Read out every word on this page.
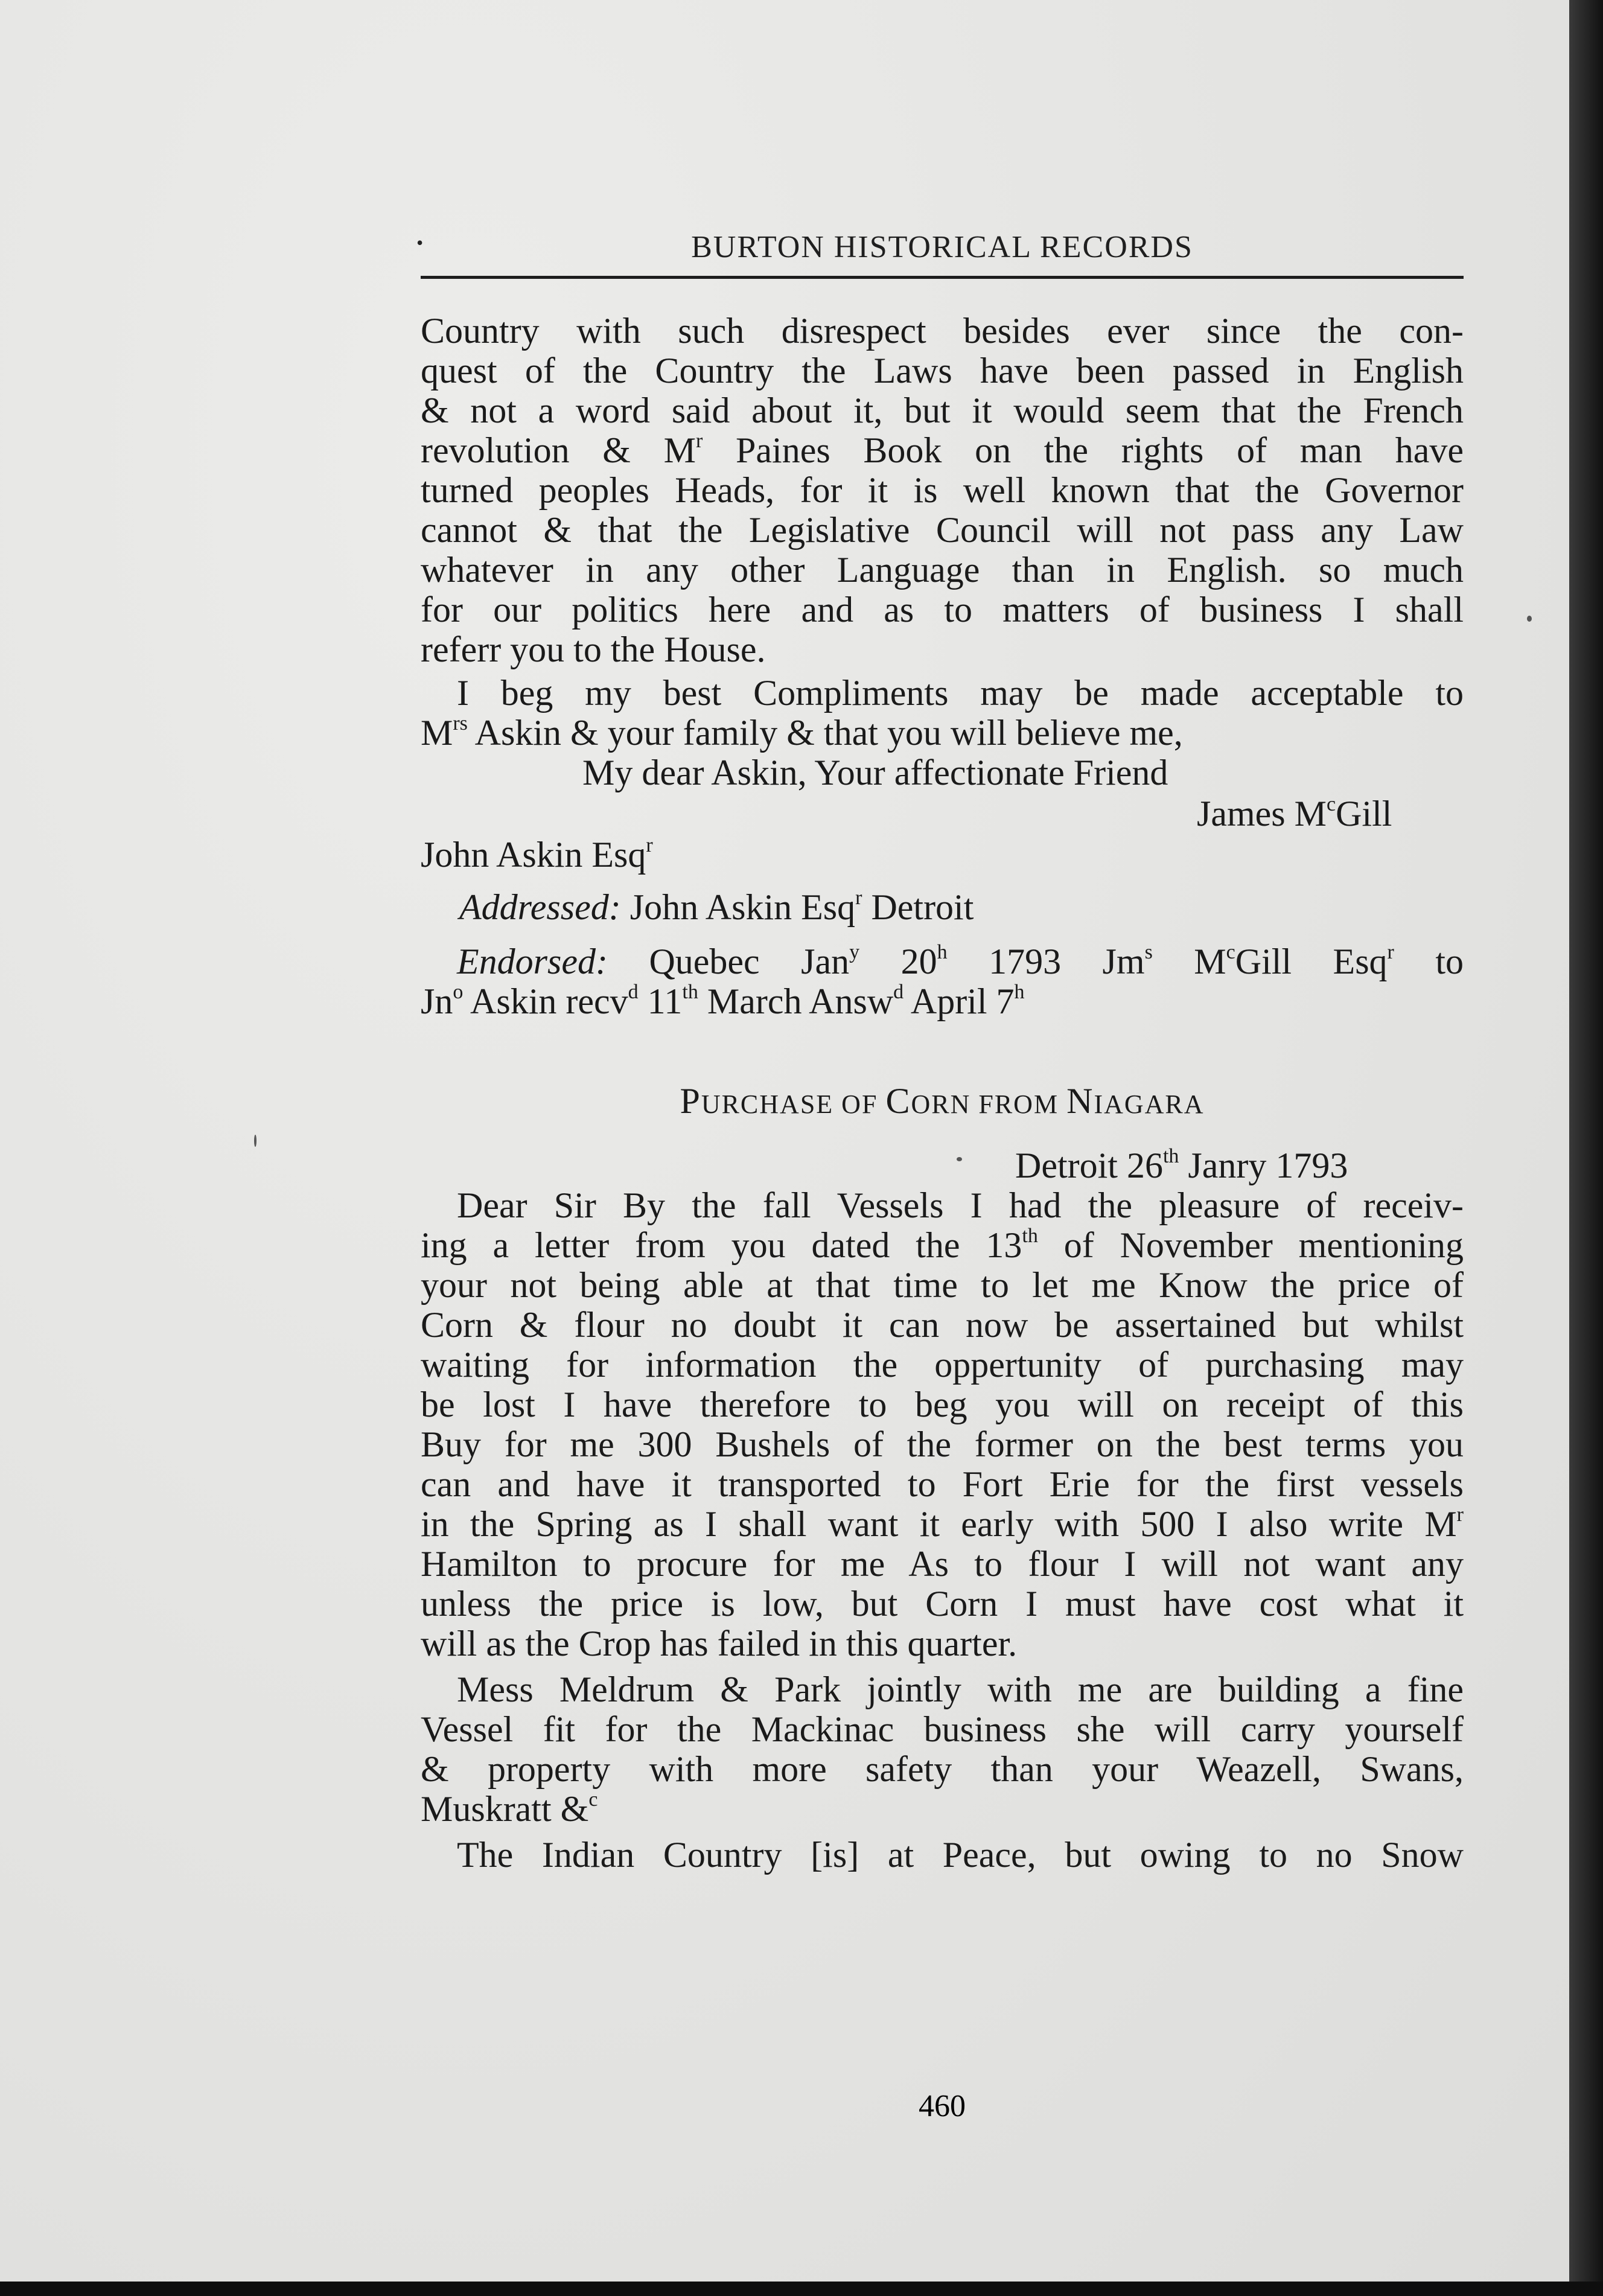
•	BURTON HISTORICAL RECORDS
Country with such disrespect besides ever since the con-
quest of the Country the Laws have been passed in English
& not a word said about it, but it would seem that the French
revolution & $M^r$ Paines Book on the rights of man have
turned peoples Heads, for it is well known that the Governor
cannot & that the Legislative Council will not pass any Law
whatever in any other Language than in English. so much
for our politics here and as to matters of business I shall
referr you to the House.
I beg my best Compliments may be made acceptable to
$M^{rs}$ Askin & your family & that you will believe me,
My dear Askin, Your affectionate Friend
James $M^cGill$
John Askin Esq$^r$
Addressed: John Askin Esq$^r$ Detroit
Endorsed: Quebec Jan$^y$ 20$^h$ 1793 Jm$^s$ $M^cGill$ Esq$^r$ to
Jn$^o$ Askin recv$^d$ 11th March Answ$^d$ April 7$^h$
PURCHASE OF CORN FROM NIAGARA
Detroit 26th Janry 1793
Dear Sir By the fall Vessels I had the pleasure of receiv-
ing a letter from you dated the 13th of November mentioning
your not being able at that time to let me Know the price of
Corn & flour no doubt it can now be assertained but whilst
waiting for information the oppertunity of purchasing may
be lost I have therefore to beg you will on receipt of this
Buy for me 300 Bushels of the former on the best terms you
can and have it transported to Fort Erie for the first vessels
in the Spring as I shall want it early with 500 I also write $M^r$
Hamilton to procure for me As to flour I will not want any
unless the price is low, but Corn I must have cost what it
will as the Crop has failed in this quarter.
Mess Meldrum & Park jointly with me are building a fine
Vessel fit for the Mackinac business she will carry yourself
& property with more safety than your Weazell, Swans,
Muskratt &$^c$
The Indian Country [is] at Peace, but owing to no Snow
460
